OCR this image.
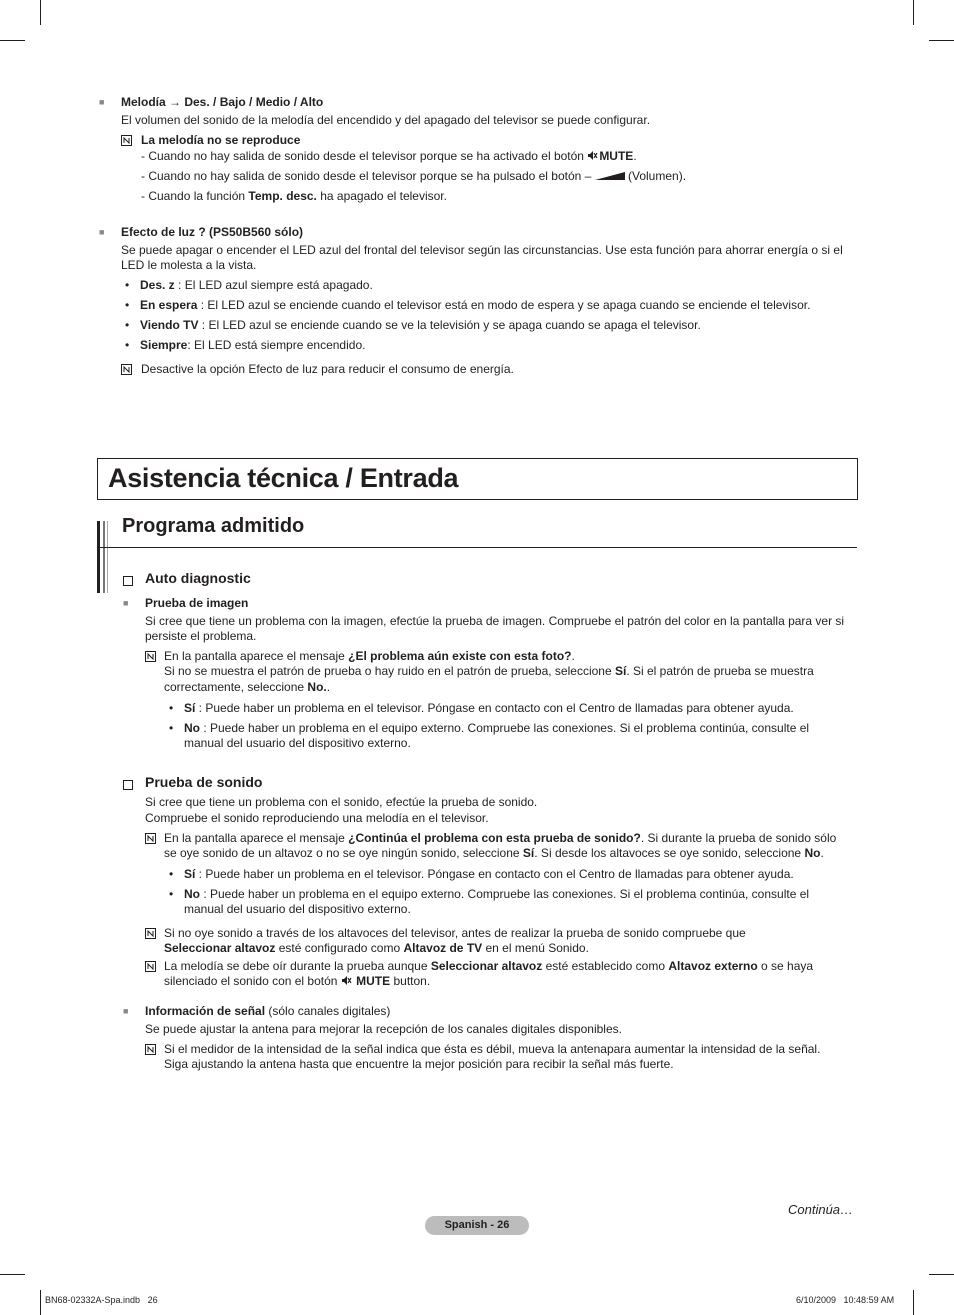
■ Melodía → Des. / Bajo / Medio / Alto
El volumen del sonido de la melodía del encendido y del apagado del televisor se puede configurar.
La melodía no se reproduce
- Cuando no hay salida de sonido desde el televisor porque se ha activado el botón MUTE.
- Cuando no hay salida de sonido desde el televisor porque se ha pulsado el botón –	(Volumen).
- Cuando la función Temp. desc. ha apagado el televisor.
■ Efecto de luz ? (PS50B560 sólo)
Se puede apagar o encender el LED azul del frontal del televisor según las circunstancias. Use esta función para ahorrar energía o si el
LED le molesta a la vista.
• Des. z : El LED azul siempre está apagado.
• En espera : El LED azul se enciende cuando el televisor está en modo de espera y se apaga cuando se enciende el televisor.
• Viendo TV : El LED azul se enciende cuando se ve la televisión y se apaga cuando se apaga el televisor.
• Siempre: El LED está siempre encendido.
Desactive la opción Efecto de luz para reducir el consumo de energía.
Asistencia técnica / Entrada
Programa admitido
Auto diagnostic
■ Prueba de imagen
Si cree que tiene un problema con la imagen, efectúe la prueba de imagen. Compruebe el patrón del color en la pantalla para ver si
persiste el problema.
En la pantalla aparece el mensaje ¿El problema aún existe con esta foto?.
Si no se muestra el patrón de prueba o hay ruido en el patrón de prueba, seleccione Sí. Si el patrón de prueba se muestra
correctamente, seleccione No..
• Sí : Puede haber un problema en el televisor. Póngase en contacto con el Centro de llamadas para obtener ayuda.
• No : Puede haber un problema en el equipo externo. Compruebe las conexiones. Si el problema continúa, consulte el
manual del usuario del dispositivo externo.
Prueba de sonido
Si cree que tiene un problema con el sonido, efectúe la prueba de sonido.
Compruebe el sonido reproduciendo una melodía en el televisor.
En la pantalla aparece el mensaje ¿Continúa el problema con esta prueba de sonido?. Si durante la prueba de sonido sólo
se oye sonido de un altavoz o no se oye ningún sonido, seleccione Sí. Si desde los altavoces se oye sonido, seleccione No.
• Sí : Puede haber un problema en el televisor. Póngase en contacto con el Centro de llamadas para obtener ayuda.
• No : Puede haber un problema en el equipo externo. Compruebe las conexiones. Si el problema continúa, consulte el
manual del usuario del dispositivo externo.
Si no oye sonido a través de los altavoces del televisor, antes de realizar la prueba de sonido compruebe que
Seleccionar altavoz esté configurado como Altavoz de TV en el menú Sonido.
La melodía se debe oír durante la prueba aunque Seleccionar altavoz esté establecido como Altavoz externo o se haya
silenciado el sonido con el botón  MUTE button.
■ Información de señal (sólo canales digitales)
Se puede ajustar la antena para mejorar la recepción de los canales digitales disponibles.
Si el medidor de la intensidad de la señal indica que ésta es débil, mueva la antenapara aumentar la intensidad de la señal.
Siga ajustando la antena hasta que encuentre la mejor posición para recibir la señal más fuerte.
Continúa…
Spanish - 26
BN68-02332A-Spa.indb   26	6/10/2009   10:48:59 AM
